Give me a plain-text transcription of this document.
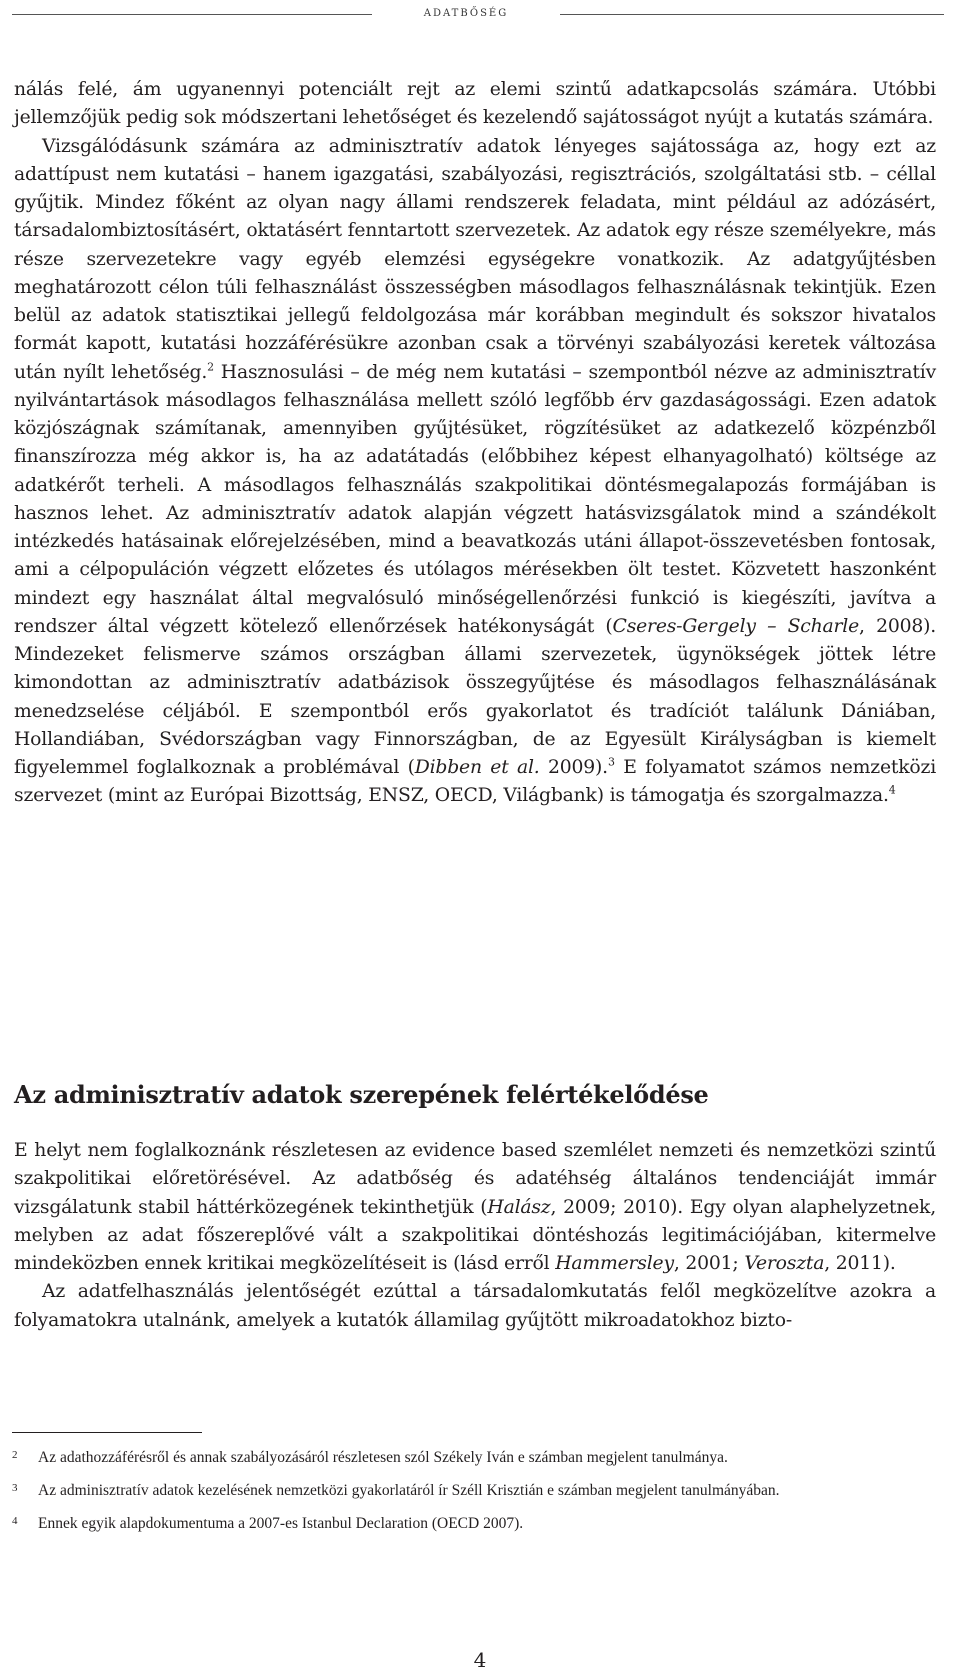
adatbőség

nálás felé, ám ugyanennyi potenciált rejt az elemi szintű adatkapcsolás számára. Utóbbi jellemzőjük pedig sok módszertani lehetőséget és kezelendő sajátosságot nyújt a kutatás számára.

Vizsgálódásunk számára az adminisztratív adatok lényeges sajátossága az, hogy ezt az adattípust nem kutatási – hanem igazgatási, szabályozási, regisztrációs, szolgáltatási stb. – céllal gyűjtik. Mindez főként az olyan nagy állami rendszerek feladata, mint például az adózásért, társadalombiztosításért, oktatásért fenntartott szervezetek. Az adatok egy része személyekre, más része szervezetekre vagy egyéb elemzési egységekre vonatkozik. Az adatgyűjtésben meghatározott célon túli felhasználást összességben másodlagos felhasználásnak tekintjük. Ezen belül az adatok statisztikai jellegű feldolgozása már korábban megindult és sokszor hivatalos formát kapott, kutatási hozzáférésükre azonban csak a törvényi szabályozási keretek változása után nyílt lehetőség.$^2$ Hasznosulási – de még nem kutatási – szempontból nézve az adminisztratív nyilvántartások másodlagos felhasználása mellett szóló legfőbb érv gazdaságossági. Ezen adatok közjószágnak számítanak, amennyiben gyűjtésüket, rögzítésüket az adatkezelő közpénzből finanszírozza még akkor is, ha az adatátadás (előbbihez képest elhanyagolható) költsége az adatkérőt terheli. A másodlagos felhasználás szakpolitikai döntésmegalapozás formájában is hasznos lehet. Az adminisztratív adatok alapján végzett hatásvizsgálatok mind a szándékolt intézkedés hatásainak előrejelzésében, mind a beavatkozás utáni állapot-összevetésben fontosak, ami a célpopuláción végzett előzetes és utólagos mérésekben ölt testet. Közvetett haszonként mindezt egy használat által megvalósuló minőségellenőrzési funkció is kiegészíti, javítva a rendszer által végzett kötelező ellenőrzések hatékonyságát (Cseres-Gergely – Scharle, 2008). Mindezeket felismerve számos országban állami szervezetek, ügynökségek jöttek létre kimondottan az adminisztratív adatbázisok összegyűjtése és másodlagos felhasználásának menedzselése céljából. E szempontból erős gyakorlatot és tradíciót találunk Dániában, Hollandiában, Svédországban vagy Finnországban, de az Egyesült Királyságban is kiemelt figyelemmel foglalkoznak a problémával (Dibben et al. 2009).$^3$ E folyamatot számos nemzetközi szervezet (mint az Európai Bizottság, ENSZ, OECD, Világbank) is támogatja és szorgalmazza.$^4$

Az adminisztratív adatok szerepének felértékelődése

E helyt nem foglalkoznánk részletesen az evidence based szemlélet nemzeti és nemzetközi szintű szakpolitikai előretörésével. Az adatbőség és adatéhség általános tendenciáját immár vizsgálatunk stabil háttérközegének tekinthetjük (Halász, 2009; 2010). Egy olyan alaphelyzetnek, melyben az adat főszereplővé vált a szakpolitikai döntéshozás legitimációjában, kitermelve mindeközben ennek kritikai megközelítéseit is (lásd erről Hammersley, 2001; Veroszta, 2011).

Az adatfelhasználás jelentőségét ezúttal a társadalomkutatás felől megközelítve azokra a folyamatokra utalnánk, amelyek a kutatók államilag gyűjtött mikroadatokhoz bizto-

2 Az adathozzáférésről és annak szabályozásáról részletesen szól Székely Iván e számban megjelent tanulmánya.
3 Az adminisztratív adatok kezelésének nemzetközi gyakorlatáról ír Széll Krisztián e számban megjelent tanulmányában.
4 Ennek egyik alapdokumentuma a 2007-es Istanbul Declaration (OECD 2007).
4
